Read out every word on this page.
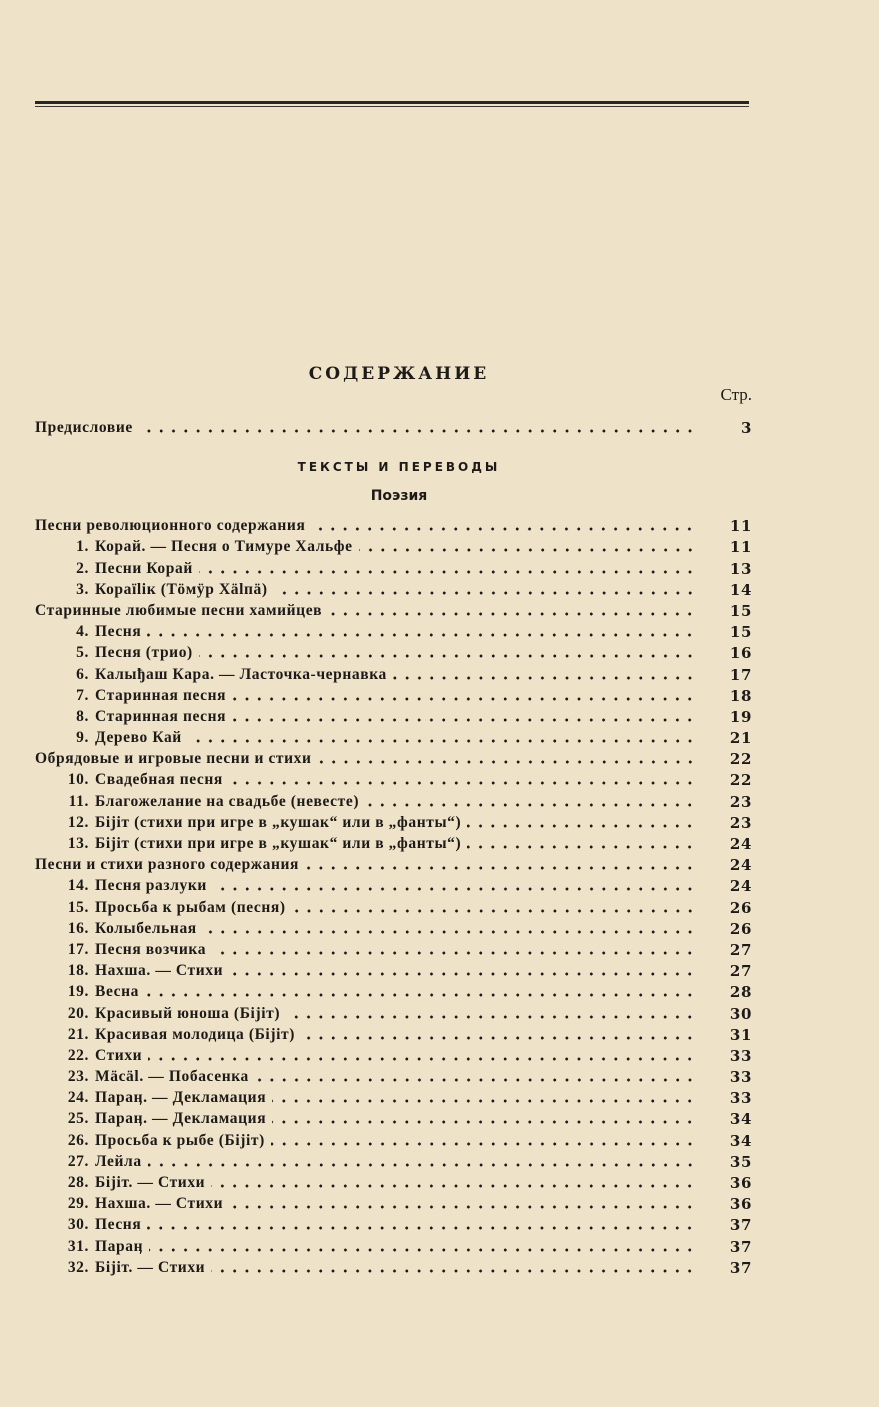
СОДЕРЖАНИЕ
Стр.
Предисловие	3
ТЕКСТЫ И ПЕРЕВОДЫ
Поэзия
Песни революционного содержания	11
1. Корай. — Песня о Тимуре Хальфе	11
2. Песни Корай	13
3. Кораїlік (Тӧмӱр Хälпä)	14
Старинные любимые песни хамийцев	15
4. Песня	15
5. Песня (трио)	16
6. Калыђаш Кара. — Ласточка-чернавка	17
7. Старинная песня	18
8. Старинная песня	19
9. Дерево Кай	21
Обрядовые и игровые песни и стихи	22
10. Свадебная песня	22
11. Благожелание на свадьбе (невесте)	23
12. Бijiт (стихи при игре в „кушак“ или в „фанты“)	23
13. Бijiт (стихи при игре в „кушак“ или в „фанты“)	24
Песни и стихи разного содержания	24
14. Песня разлуки	24
15. Просьба к рыбам (песня)	26
16. Колыбельная	26
17. Песня возчика	27
18. Нахша. — Стихи	27
19. Весна	28
20. Красивый юноша (Бijiт)	30
21. Красивая молодица (Бijiт)	31
22. Стихи	33
23. Мäcäl. — Побасенка	33
24. Параӊ. — Декламация	33
25. Параӊ. — Декламация	34
26. Просьба к рыбе (Бijiт)	34
27. Лейла	35
28. Бijiт. — Стихи	36
29. Нахша. — Стихи	36
30. Песня	37
31. Параӊ	37
32. Бijiт. — Стихи	37
